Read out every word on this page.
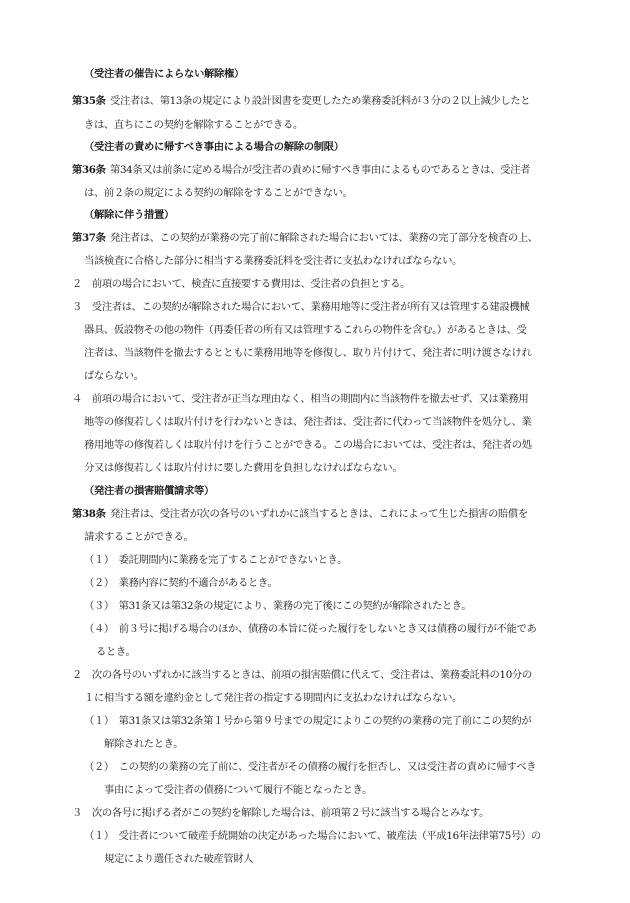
（受注者の催告によらない解除権）
第35条 受注者は、第13条の規定により設計図書を変更したため業務委託料が３分の２以上減少したと
きは、直ちにこの契約を解除することができる。
（受注者の責めに帰すべき事由による場合の解除の制限）
第36条 第34条又は前条に定める場合が受注者の責めに帰すべき事由によるものであるときは、受注者
は、前２条の規定による契約の解除をすることができない。
（解除に伴う措置）
第37条 発注者は、この契約が業務の完了前に解除された場合においては、業務の完了部分を検査の上、
当該検査に合格した部分に相当する業務委託料を受注者に支払わなければならない。
２　前項の場合において、検査に直接要する費用は、受注者の負担とする。
３　受注者は、この契約が解除された場合において、業務用地等に受注者が所有又は管理する建設機械
器具、仮設物その他の物件（再委任者の所有又は管理するこれらの物件を含む。）があるときは、受
注者は、当該物件を撤去するとともに業務用地等を修復し、取り片付けて、発注者に明け渡さなけれ
ばならない。
４　前項の場合において、受注者が正当な理由なく、相当の期間内に当該物件を撤去せず、又は業務用
地等の修復若しくは取片付けを行わないときは、発注者は、受注者に代わって当該物件を処分し、業
務用地等の修復若しくは取片付けを行うことができる。この場合においては、受注者は、発注者の処
分又は修復若しくは取片付けに要した費用を負担しなければならない。
（発注者の損害賠償請求等）
第38条 発注者は、受注者が次の各号のいずれかに該当するときは、これによって生じた損害の賠償を
請求することができる。
（１）　委託期間内に業務を完了することができないとき。
（２）　業務内容に契約不適合があるとき。
（３）　第31条又は第32条の規定により、業務の完了後にこの契約が解除されたとき。
（４）　前３号に掲げる場合のほか、債務の本旨に従った履行をしないとき又は債務の履行が不能であ
るとき。
２　次の各号のいずれかに該当するときは、前項の損害賠償に代えて、受注者は、業務委託料の10分の
１に相当する額を違約金として発注者の指定する期間内に支払わなければならない。
（１）　第31条又は第32条第１号から第９号までの規定によりこの契約の業務の完了前にこの契約が
解除されたとき。
（２）　この契約の業務の完了前に、受注者がその債務の履行を拒否し、又は受注者の責めに帰すべき
事由によって受注者の債務について履行不能となったとき。
３　次の各号に掲げる者がこの契約を解除した場合は、前項第２号に該当する場合とみなす。
（１）　受注者について破産手続開始の決定があった場合において、破産法（平成16年法律第75号）の
規定により選任された破産管財人
